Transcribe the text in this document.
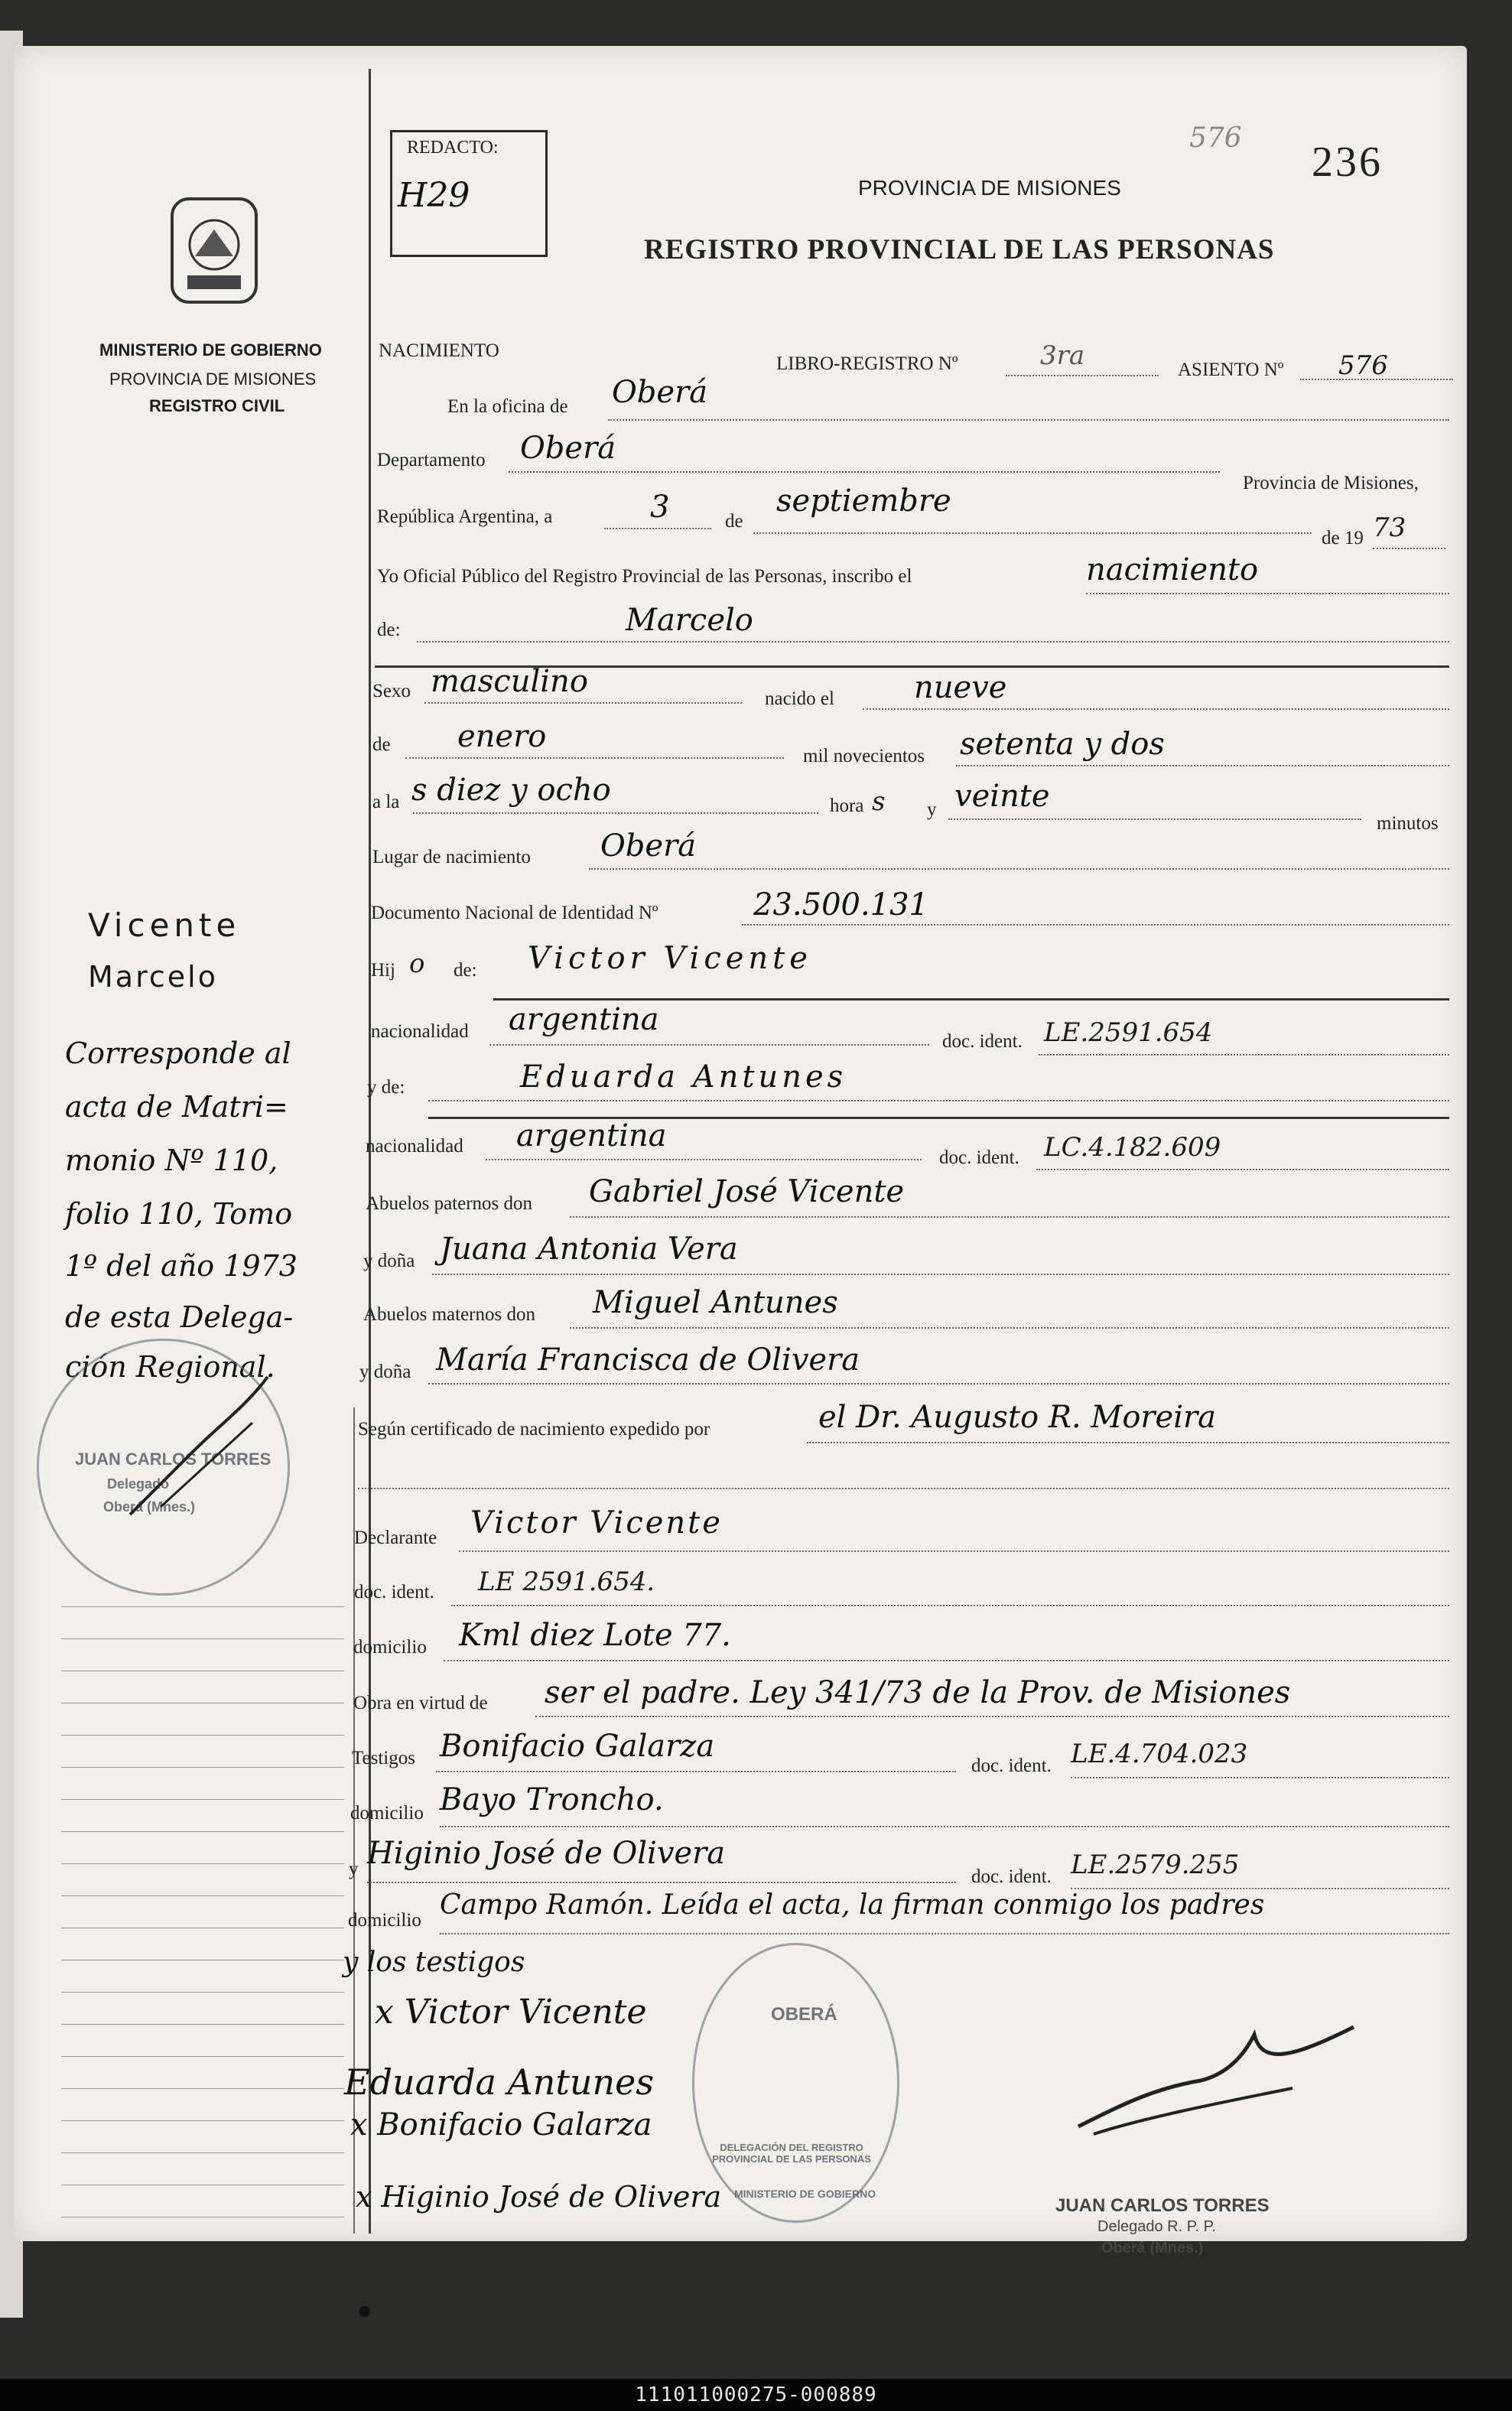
MINISTERIO DE GOBIERNO
PROVINCIA DE MISIONES
REGISTRO CIVIL
REDACTO:
H29	PROVINCIA DE MISIONES
REGISTRO PROVINCIAL DE LAS PERSONAS
576
236
NACIMIENTO
LIBRO-REGISTRO Nº	3ra	ASIENTO Nº 576
En la oficina de Oberá
Departamento Oberá
Provincia de Misiones,
República Argentina, a	3	de
septiembre
de 19 73
Yo Oficial Público del Registro Provincial de las Personas, inscribo el	nacimiento
de:	Marcelo
Sexo masculino	nacido el	nueve
de enero
mil novecientos setenta y dos
a la s diez y ocho	hora s y veinte
minutos
Lugar de nacimiento Oberá
Documento Nacional de Identidad Nº	23.500.131
Hij o de: Victor Vicente
nacionalidad argentina
doc. ident. LE.2591.654
y de:	Eduarda Antunes
nacionalidad argentina
doc. ident. LC.4.182.609
Abuelos paternos don Gabriel José Vicente
y doña Juana Antonia Vera
Abuelos maternos don Miguel Antunes
y doña María Francisca de Olivera
Según certificado de nacimiento expedido por	el Dr. Augusto R. Moreira
Declarante Victor Vicente
doc. ident. LE 2591.654.
domicilio Kml diez Lote 77.
Obra en virtud de ser el padre. Ley 341/73 de la Prov. de Misiones
Testigos Bonifacio Galarza
doc. ident. LE.4.704.023
domicilio Bayo Troncho.
y Higinio José de Olivera
doc. ident. LE.2579.255
domicilio Campo Ramón. Leída el acta, la firman conmigo los padres
y los testigos
x Victor Vicente
Eduarda Antunes
x Bonifacio Galarza
x Higinio José de Olivera
OBERÁ
DELEGACIÓN DEL REGISTRO PROVINCIAL DE LAS PERSONAS
MINISTERIO DE GOBIERNO
JUAN CARLOS TORRES
Delegado R. P. P.
Oberá (Mnes.)
Vicente
Marcelo
Corresponde al
acta de Matri=
monio Nº 110,
folio 110, Tomo
1º del año 1973
de esta Delega-
ción Regional.
JUAN CARLOS TORRES
Delegado
Oberá (Mnes.)
111011000275-000889
